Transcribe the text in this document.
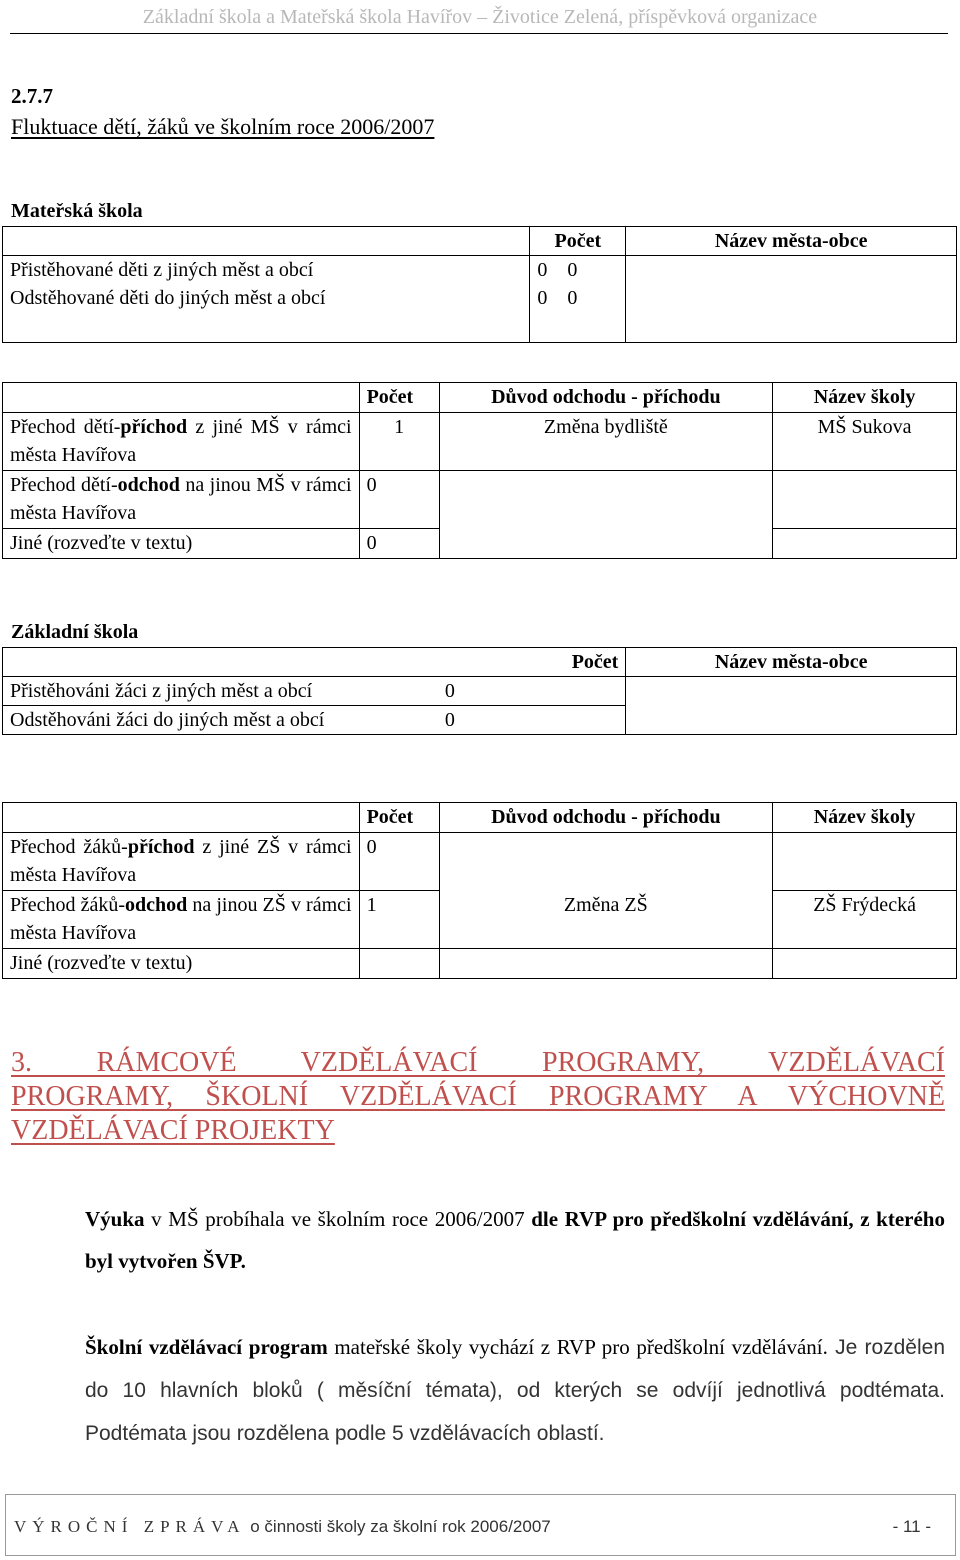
Základní škola a Mateřská škola Havířov – Životice Zelená, příspěvková organizace
2.7.7
Fluktuace dětí, žáků ve školním roce 2006/2007
Mateřská škola
	Počet	Název města-obce
Přistěhované děti z jiných měst a obcí	0 0	
Odstěhované děti do jiných měst a obcí	0 0	
	Počet	Důvod odchodu - příchodu	Název školy
Přechod dětí-příchod z jiné MŠ v rámci města Havířova	1	Změna bydliště	MŠ Sukova
Přechod dětí-odchod na jinou MŠ v rámci města Havířova	0		
Jiné (rozveďte v textu)	0		
Základní škola
	Počet	Název města-obce
Přistěhováni žáci z jiných měst a obcí	0	
Odstěhováni žáci do jiných měst a obcí	0	
	Počet	Důvod odchodu - příchodu	Název školy
Přechod žáků-příchod z jiné ZŠ v rámci města Havířova	0		
Přechod žáků-odchod na jinou ZŠ v rámci města Havířova	1	Změna ZŠ	ZŠ Frýdecká
Jiné (rozveďte v textu)			
3. RÁMCOVÉ VZDĚLÁVACÍ PROGRAMY, VZDĚLÁVACÍ
PROGRAMY, ŠKOLNÍ VZDĚLÁVACÍ PROGRAMY A VÝCHOVNĚ
VZDĚLÁVACÍ PROJEKTY
Výuka v MŠ probíhala ve školním roce 2006/2007 dle RVP pro předškolní vzdělávání, z kterého byl vytvořen ŠVP.
Školní vzdělávací program mateřské školy vychází z RVP pro předškolní vzdělávání. Je rozdělen do 10 hlavních bloků ( měsíční témata), od kterých se odvíjí jednotlivá podtémata. Podtémata jsou rozdělena podle 5 vzdělávacích oblastí.
VÝROČNÍ ZPRÁVA o činnosti školy za školní rok 2006/2007	- 11 -
